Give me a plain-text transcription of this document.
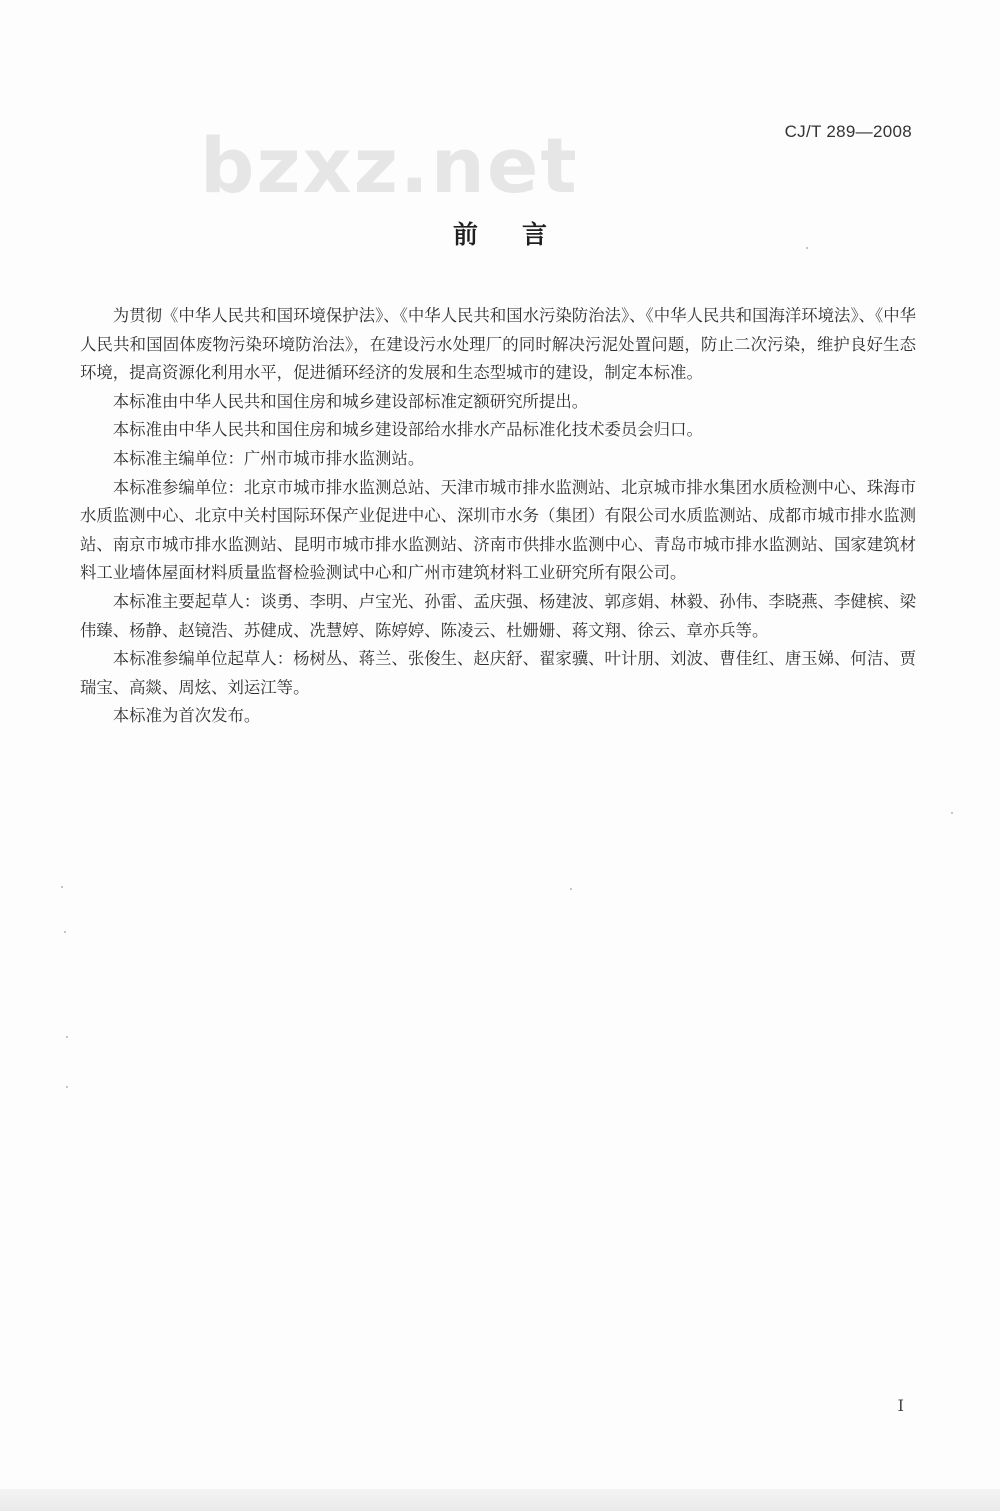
bzxz.net	CJ/T 289—2008
前言

为贯彻《中华人民共和国环境保护法》、《中华人民共和国水污染防治法》、《中华人民共和国海洋环境法》、《中华人民共和国固体废物污染环境防治法》，在建设污水处理厂的同时解决污泥处置问题，防止二次污染，维护良好生态环境，提高资源化利用水平，促进循环经济的发展和生态型城市的建设，制定本标准。

本标准由中华人民共和国住房和城乡建设部标准定额研究所提出。

本标准由中华人民共和国住房和城乡建设部给水排水产品标准化技术委员会归口。

本标准主编单位：广州市城市排水监测站。

本标准参编单位：北京市城市排水监测总站、天津市城市排水监测站、北京城市排水集团水质检测中心、珠海市水质监测中心、北京中关村国际环保产业促进中心、深圳市水务（集团）有限公司水质监测站、成都市城市排水监测站、南京市城市排水监测站、昆明市城市排水监测站、济南市供排水监测中心、青岛市城市排水监测站、国家建筑材料工业墙体屋面材料质量监督检验测试中心和广州市建筑材料工业研究所有限公司。

本标准主要起草人：谈勇、李明、卢宝光、孙雷、孟庆强、杨建波、郭彦娟、林毅、孙伟、李晓燕、李健槟、梁伟臻、杨静、赵镜浩、苏健成、冼慧婷、陈婷婷、陈凌云、杜姗姗、蒋文翔、徐云、章亦兵等。

本标准参编单位起草人：杨树丛、蒋兰、张俊生、赵庆舒、翟家骥、叶计朋、刘波、曹佳红、唐玉娣、何洁、贾瑞宝、高燚、周炫、刘运江等。

本标准为首次发布。

I
